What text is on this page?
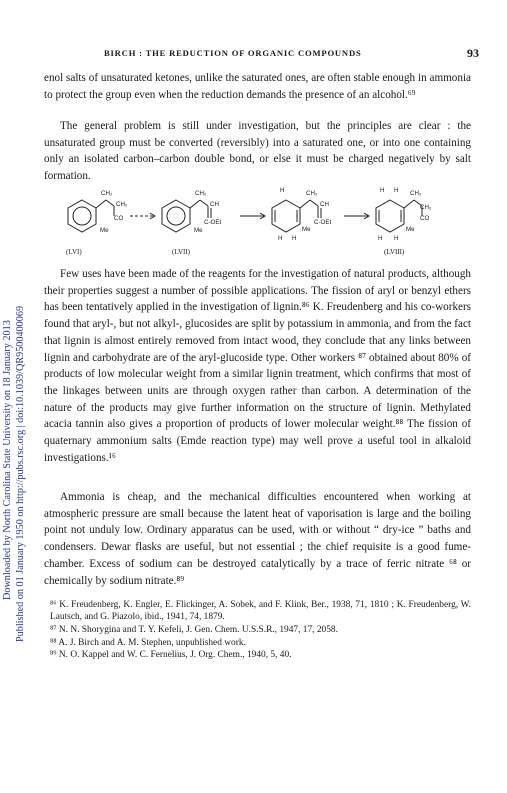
Downloaded by North Carolina State University on 18 January 2013 Published on 01 January 1950 on http://pubs.rsc.org | doi:10.1039/QR9500400069
BIRCH : THE REDUCTION OF ORGANIC COMPOUNDS	93

enol salts of unsaturated ketones, unlike the saturated ones, are often stable enough in ammonia to protect the group even when the reduction demands the presence of an alcohol.⁶⁹

The general problem is still under investigation, but the principles are clear : the unsaturated group must be converted (reversibly) into a saturated one, or into one containing only an isolated carbon–carbon double bond, or else it must be charged negatively by salt formation.

CH₂
CH₂
CO
Me
CH₂
CH
C-OEt
Me
H	CH₂
CH
C-OEt
Me
H H
H H CH₂
CH₂
CO
Me
H H
(LVI)	(LVII)	(LVIII)

Few uses have been made of the reagents for the investigation of natural products, although their properties suggest a number of possible applications. The fission of aryl or benzyl ethers has been tentatively applied in the investigation of lignin.⁸⁶ K. Freudenberg and his co-workers found that aryl-, but not alkyl-, glucosides are split by potassium in ammonia, and from the fact that lignin is almost entirely removed from intact wood, they conclude that any links between lignin and carbohydrate are of the aryl-glucoside type. Other workers ⁸⁷ obtained about 80% of products of low molecular weight from a similar lignin treatment, which confirms that most of the linkages between units are through oxygen rather than carbon. A determination of the nature of the products may give further information on the structure of lignin. Methylated acacia tannin also gives a proportion of products of lower molecular weight.⁸⁸ The fission of quaternary ammonium salts (Emde reaction type) may well prove a useful tool in alkaloid investigations.¹⁶

Ammonia is cheap, and the mechanical difficulties encountered when working at atmospheric pressure are small because the latent heat of vaporisation is large and the boiling point not unduly low. Ordinary apparatus can be used, with or without “ dry-ice ” baths and condensers. Dewar flasks are useful, but not essential ; the chief requisite is a good fume-chamber. Excess of sodium can be destroyed catalytically by a trace of ferric nitrate ⁶⁸ or chemically by sodium nitrate.⁸⁹

⁸⁶ K. Freudenberg, K. Engler, E. Flickinger, A. Sobek, and F. Klink, Ber., 1938, 71, 1810 ; K. Freudenberg, W. Lautsch, and G. Piazolo, ibid., 1941, 74, 1879.

⁸⁷ N. N. Shorygina and T. Y. Kefeli, J. Gen. Chem. U.S.S.R., 1947, 17, 2058.

⁸⁸ A. J. Birch and A. M. Stephen, unpublished work.

⁸⁹ N. O. Kappel and W. C. Fernelius, J. Org. Chem., 1940, 5, 40.
